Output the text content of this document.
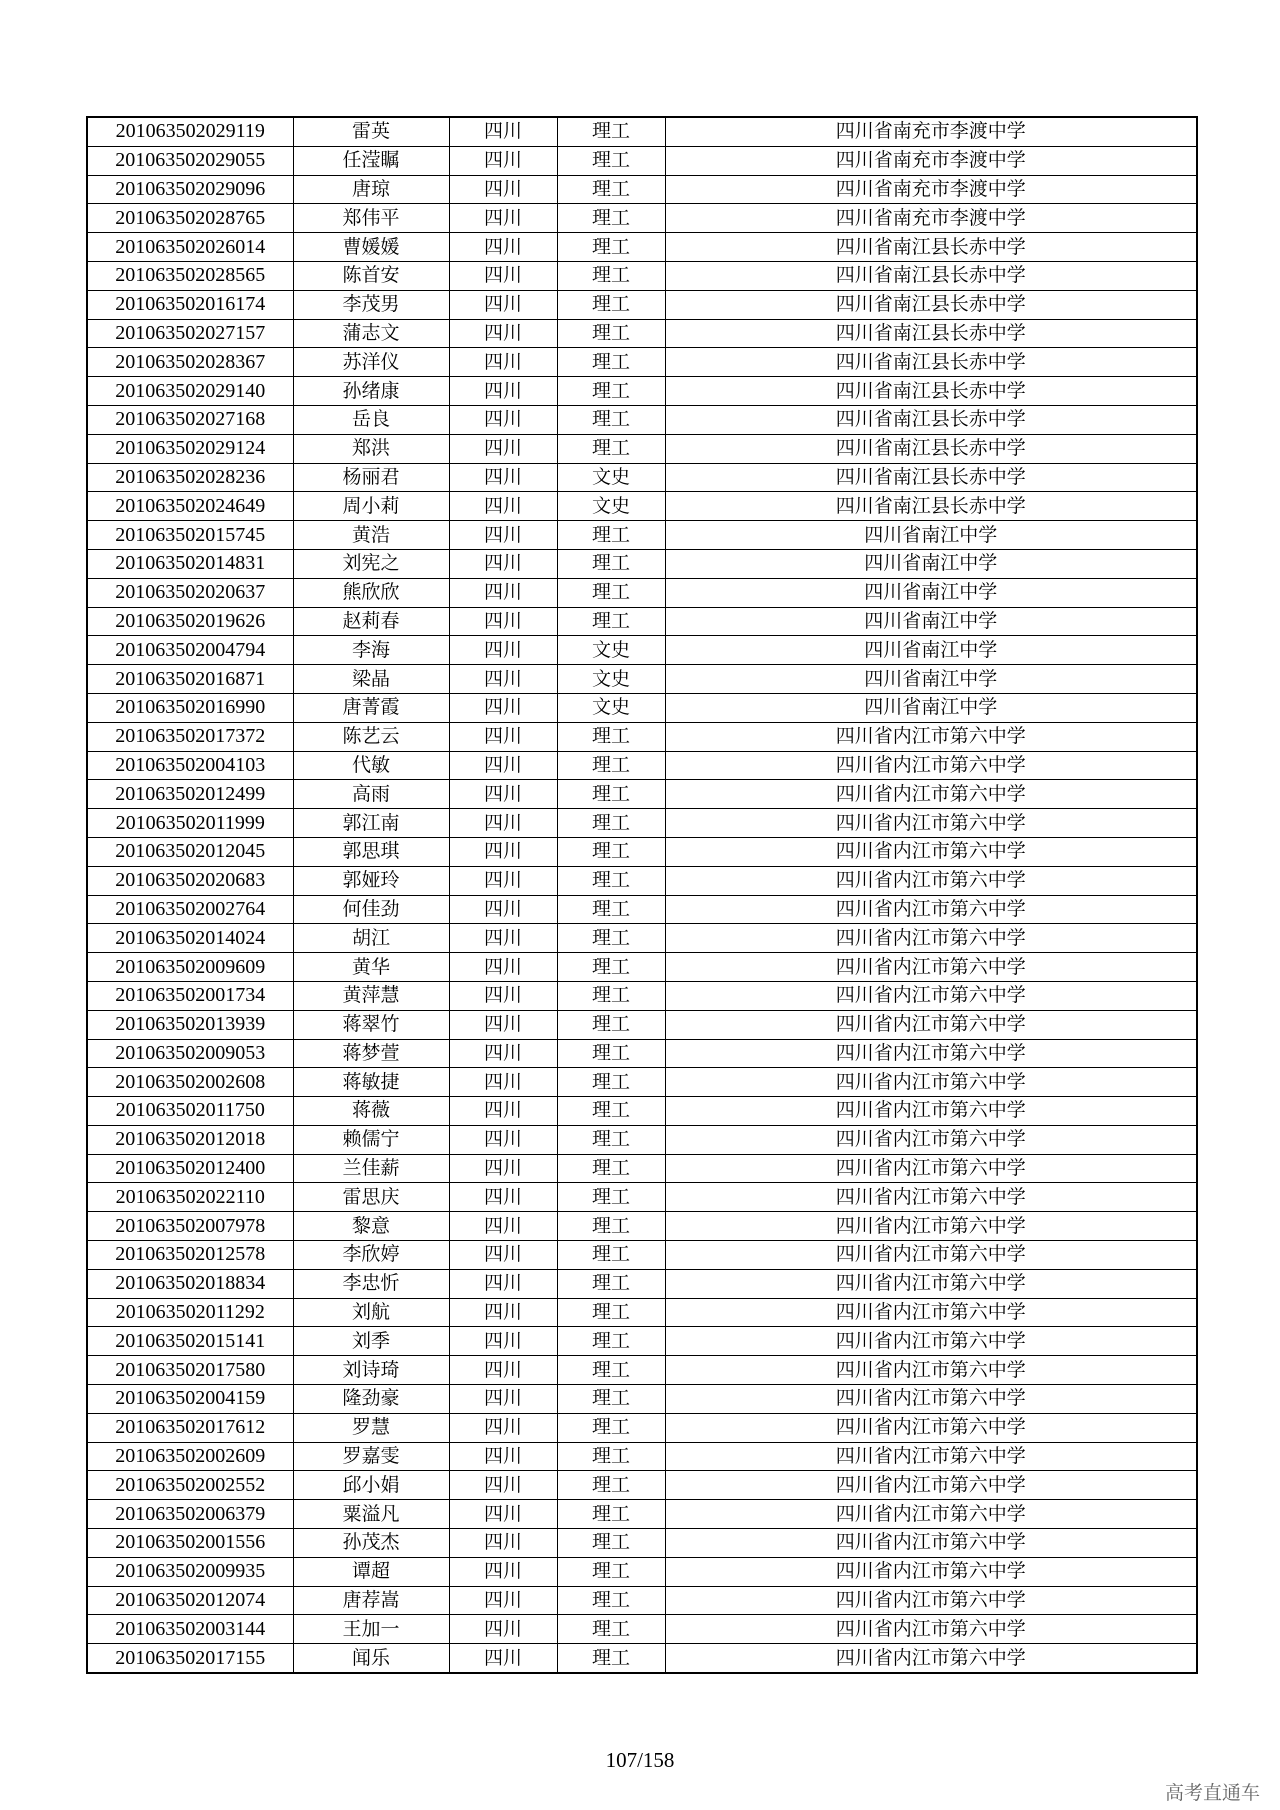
201063502029119	雷英	四川	理工	四川省南充市李渡中学
201063502029055	任滢瞩	四川	理工	四川省南充市李渡中学
201063502029096	唐琼	四川	理工	四川省南充市李渡中学
201063502028765	郑伟平	四川	理工	四川省南充市李渡中学
201063502026014	曹媛媛	四川	理工	四川省南江县长赤中学
201063502028565	陈首安	四川	理工	四川省南江县长赤中学
201063502016174	李茂男	四川	理工	四川省南江县长赤中学
201063502027157	蒲志文	四川	理工	四川省南江县长赤中学
201063502028367	苏洋仪	四川	理工	四川省南江县长赤中学
201063502029140	孙绪康	四川	理工	四川省南江县长赤中学
201063502027168	岳良	四川	理工	四川省南江县长赤中学
201063502029124	郑洪	四川	理工	四川省南江县长赤中学
201063502028236	杨丽君	四川	文史	四川省南江县长赤中学
201063502024649	周小莉	四川	文史	四川省南江县长赤中学
201063502015745	黄浩	四川	理工	四川省南江中学
201063502014831	刘宪之	四川	理工	四川省南江中学
201063502020637	熊欣欣	四川	理工	四川省南江中学
201063502019626	赵莉春	四川	理工	四川省南江中学
201063502004794	李海	四川	文史	四川省南江中学
201063502016871	梁晶	四川	文史	四川省南江中学
201063502016990	唐菁霞	四川	文史	四川省南江中学
201063502017372	陈艺云	四川	理工	四川省内江市第六中学
201063502004103	代敏	四川	理工	四川省内江市第六中学
201063502012499	高雨	四川	理工	四川省内江市第六中学
201063502011999	郭江南	四川	理工	四川省内江市第六中学
201063502012045	郭思琪	四川	理工	四川省内江市第六中学
201063502020683	郭娅玲	四川	理工	四川省内江市第六中学
201063502002764	何佳劲	四川	理工	四川省内江市第六中学
201063502014024	胡江	四川	理工	四川省内江市第六中学
201063502009609	黄华	四川	理工	四川省内江市第六中学
201063502001734	黄萍慧	四川	理工	四川省内江市第六中学
201063502013939	蒋翠竹	四川	理工	四川省内江市第六中学
201063502009053	蒋梦萱	四川	理工	四川省内江市第六中学
201063502002608	蒋敏捷	四川	理工	四川省内江市第六中学
201063502011750	蒋薇	四川	理工	四川省内江市第六中学
201063502012018	赖儒宁	四川	理工	四川省内江市第六中学
201063502012400	兰佳薪	四川	理工	四川省内江市第六中学
201063502022110	雷思庆	四川	理工	四川省内江市第六中学
201063502007978	黎意	四川	理工	四川省内江市第六中学
201063502012578	李欣婷	四川	理工	四川省内江市第六中学
201063502018834	李忠忻	四川	理工	四川省内江市第六中学
201063502011292	刘航	四川	理工	四川省内江市第六中学
201063502015141	刘季	四川	理工	四川省内江市第六中学
201063502017580	刘诗琦	四川	理工	四川省内江市第六中学
201063502004159	隆劲豪	四川	理工	四川省内江市第六中学
201063502017612	罗慧	四川	理工	四川省内江市第六中学
201063502002609	罗嘉雯	四川	理工	四川省内江市第六中学
201063502002552	邱小娟	四川	理工	四川省内江市第六中学
201063502006379	粟溢凡	四川	理工	四川省内江市第六中学
201063502001556	孙茂杰	四川	理工	四川省内江市第六中学
201063502009935	谭超	四川	理工	四川省内江市第六中学
201063502012074	唐荐嵩	四川	理工	四川省内江市第六中学
201063502003144	王加一	四川	理工	四川省内江市第六中学
201063502017155	闻乐	四川	理工	四川省内江市第六中学
107/158
高考直通车
